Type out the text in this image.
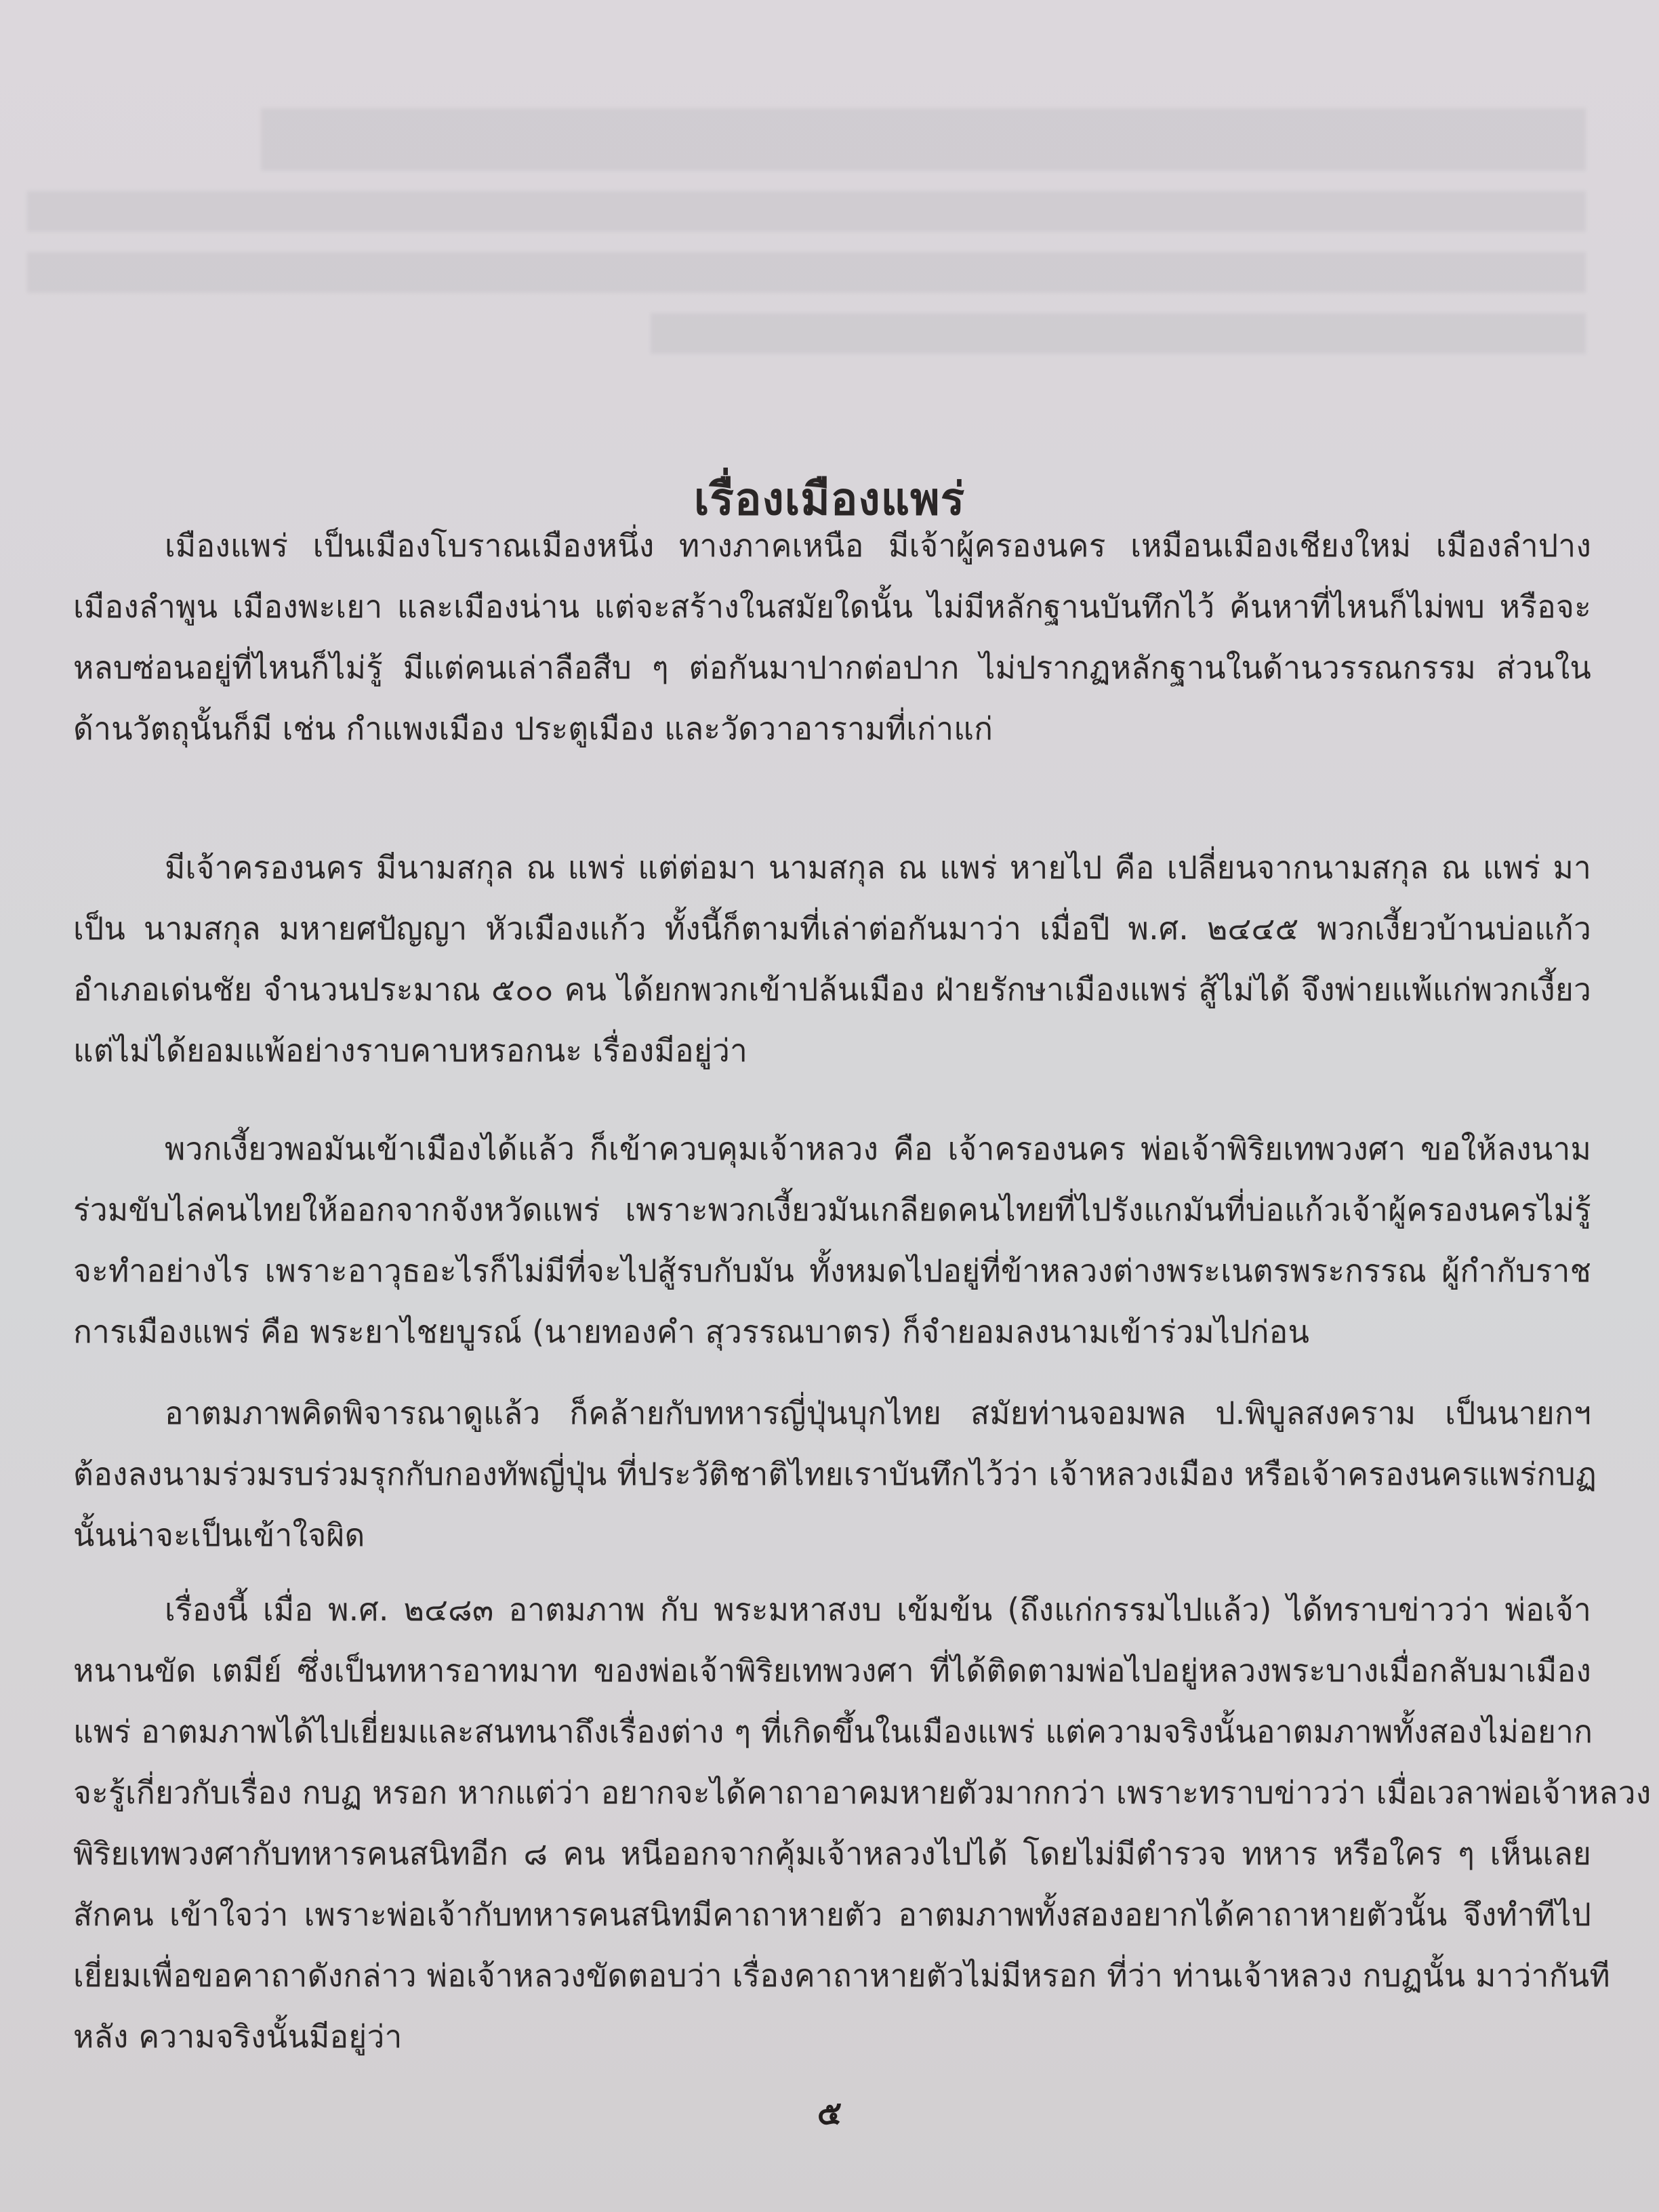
เรื่องเมืองแพร่
เมืองแพร่ เป็นเมืองโบราณเมืองหนึ่ง ทางภาคเหนือ มีเจ้าผู้ครองนคร เหมือนเมืองเชียงใหม่ เมืองลำปาง
เมืองลำพูน เมืองพะเยา และเมืองน่าน แต่จะสร้างในสมัยใดนั้น ไม่มีหลักฐานบันทึกไว้ ค้นหาที่ไหนก็ไม่พบ หรือจะ
หลบซ่อนอยู่ที่ไหนก็ไม่รู้ มีแต่คนเล่าลือสืบ ๆ ต่อกันมาปากต่อปาก ไม่ปรากฏหลักฐานในด้านวรรณกรรม ส่วนใน
ด้านวัตถุนั้นก็มี เช่น กำแพงเมือง ประตูเมือง และวัดวาอารามที่เก่าแก่
มีเจ้าครองนคร มีนามสกุล ณ แพร่ แต่ต่อมา นามสกุล ณ แพร่ หายไป คือ เปลี่ยนจากนามสกุล ณ แพร่ มา
เป็น นามสกุล มหายศปัญญา หัวเมืองแก้ว ทั้งนี้ก็ตามที่เล่าต่อกันมาว่า เมื่อปี พ.ศ. ๒๔๔๕ พวกเงี้ยวบ้านบ่อแก้ว
อำเภอเด่นชัย จำนวนประมาณ ๕๐๐ คน ได้ยกพวกเข้าปล้นเมือง ฝ่ายรักษาเมืองแพร่ สู้ไม่ได้ จึงพ่ายแพ้แก่พวกเงี้ยว
แต่ไม่ได้ยอมแพ้อย่างราบคาบหรอกนะ เรื่องมีอยู่ว่า
พวกเงี้ยวพอมันเข้าเมืองได้แล้ว ก็เข้าควบคุมเจ้าหลวง คือ เจ้าครองนคร พ่อเจ้าพิริยเทพวงศา ขอให้ลงนาม
ร่วมขับไล่คนไทยให้ออกจากจังหวัดแพร่ เพราะพวกเงี้ยวมันเกลียดคนไทยที่ไปรังแกมันที่บ่อแก้วเจ้าผู้ครองนครไม่รู้
จะทำอย่างไร เพราะอาวุธอะไรก็ไม่มีที่จะไปสู้รบกับมัน ทั้งหมดไปอยู่ที่ข้าหลวงต่างพระเนตรพระกรรณ ผู้กำกับราช
การเมืองแพร่ คือ พระยาไชยบูรณ์ (นายทองคำ สุวรรณบาตร) ก็จำยอมลงนามเข้าร่วมไปก่อน
อาตมภาพคิดพิจารณาดูแล้ว ก็คล้ายกับทหารญี่ปุ่นบุกไทย สมัยท่านจอมพล ป.พิบูลสงคราม เป็นนายกฯ
ต้องลงนามร่วมรบร่วมรุกกับกองทัพญี่ปุ่น ที่ประวัติชาติไทยเราบันทึกไว้ว่า เจ้าหลวงเมือง หรือเจ้าครองนครแพร่กบฏ
นั้นน่าจะเป็นเข้าใจผิด
เรื่องนี้ เมื่อ พ.ศ. ๒๔๘๓ อาตมภาพ กับ พระมหาสงบ เข้มข้น (ถึงแก่กรรมไปแล้ว) ได้ทราบข่าวว่า พ่อเจ้า
หนานขัด เตมีย์ ซึ่งเป็นทหารอาทมาท ของพ่อเจ้าพิริยเทพวงศา ที่ได้ติดตามพ่อไปอยู่หลวงพระบางเมื่อกลับมาเมือง
แพร่ อาตมภาพได้ไปเยี่ยมและสนทนาถึงเรื่องต่าง ๆ ที่เกิดขึ้นในเมืองแพร่ แต่ความจริงนั้นอาตมภาพทั้งสองไม่อยาก
จะรู้เกี่ยวกับเรื่อง กบฏ หรอก หากแต่ว่า อยากจะได้คาถาอาคมหายตัวมากกว่า เพราะทราบข่าวว่า เมื่อเวลาพ่อเจ้าหลวง
พิริยเทพวงศากับทหารคนสนิทอีก ๘ คน หนีออกจากคุ้มเจ้าหลวงไปได้ โดยไม่มีตำรวจ ทหาร หรือใคร ๆ เห็นเลย
สักคน เข้าใจว่า เพราะพ่อเจ้ากับทหารคนสนิทมีคาถาหายตัว อาตมภาพทั้งสองอยากได้คาถาหายตัวนั้น จึงทำทีไป
เยี่ยมเพื่อขอคาถาดังกล่าว พ่อเจ้าหลวงขัดตอบว่า เรื่องคาถาหายตัวไม่มีหรอก ที่ว่า ท่านเจ้าหลวง กบฏนั้น มาว่ากันที
หลัง ความจริงนั้นมีอยู่ว่า
๕
